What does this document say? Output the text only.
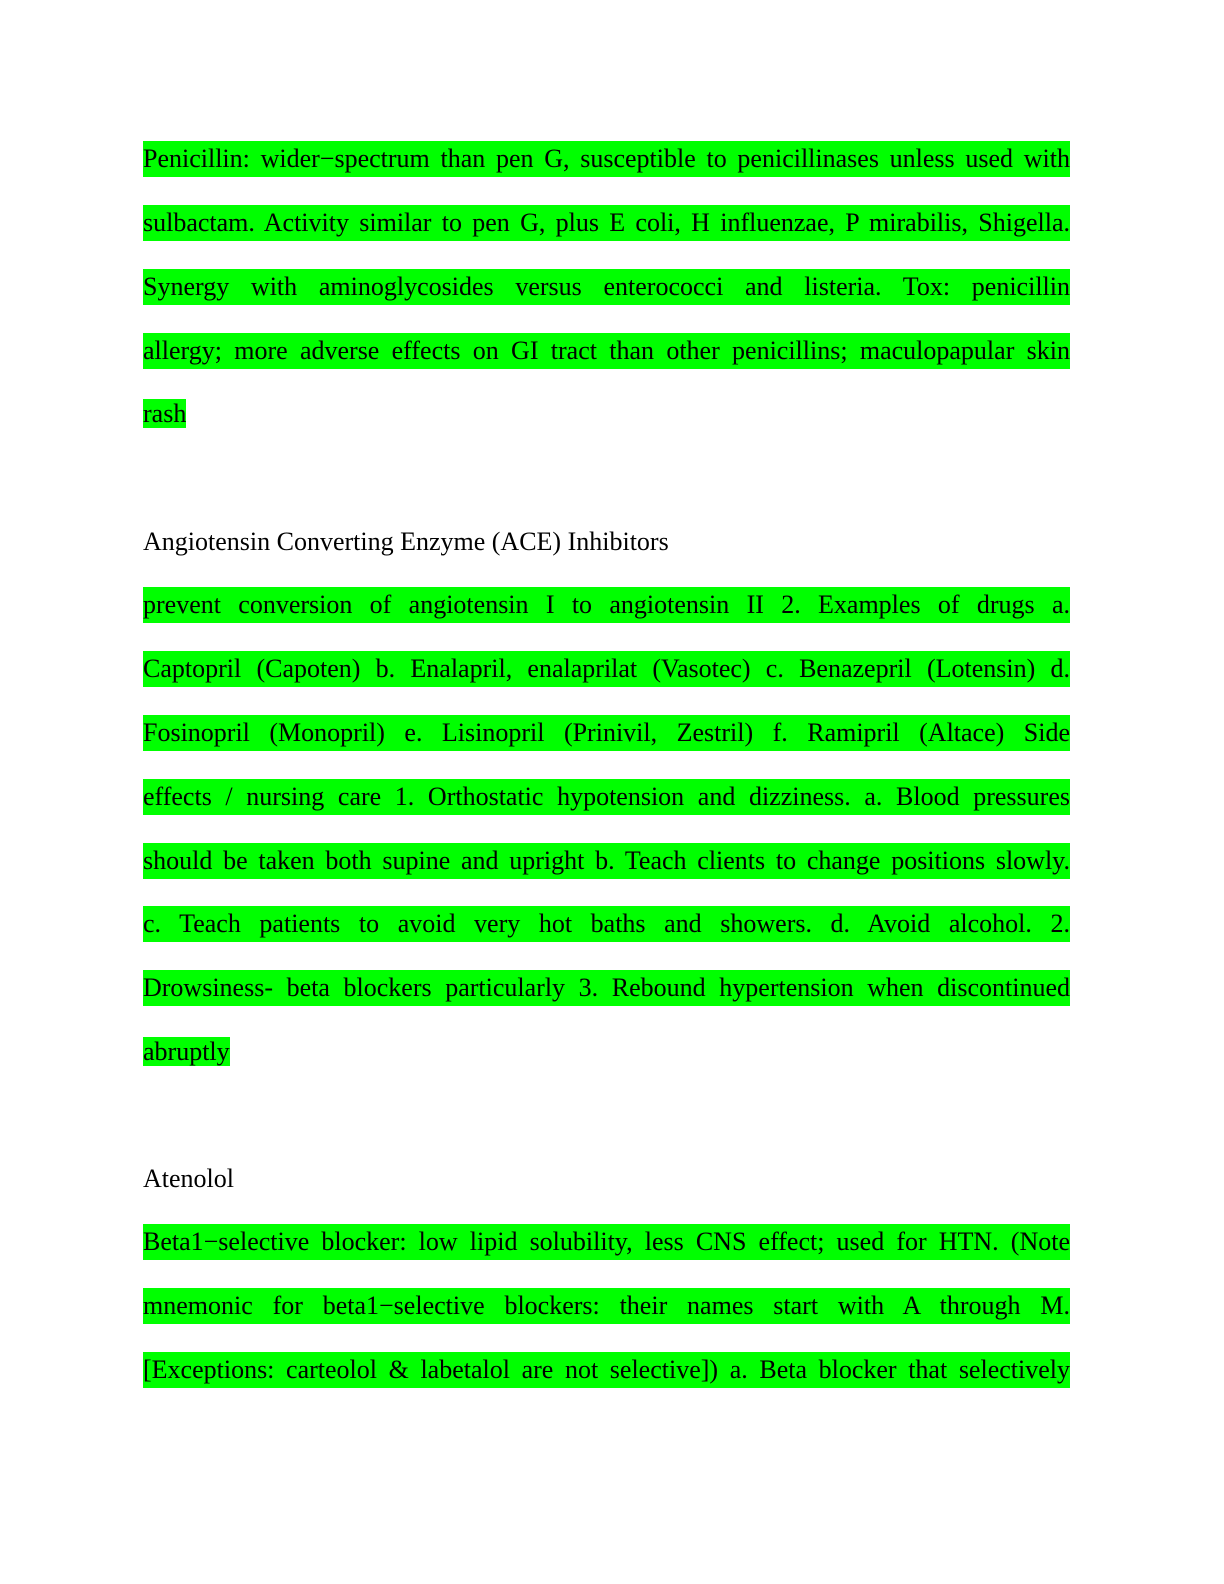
Penicillin: wider−spectrum than pen G, susceptible to penicillinases unless used with
sulbactam. Activity similar to pen G, plus E coli, H influenzae, P mirabilis, Shigella.
Synergy with aminoglycosides versus enterococci and listeria. Tox: penicillin
allergy; more adverse effects on GI tract than other penicillins; maculopapular skin
rash
Angiotensin Converting Enzyme (ACE) Inhibitors
prevent conversion of angiotensin I to angiotensin II 2. Examples of drugs a.
Captopril (Capoten) b. Enalapril, enalaprilat (Vasotec) c. Benazepril (Lotensin) d.
Fosinopril (Monopril) e. Lisinopril (Prinivil, Zestril) f. Ramipril (Altace) Side
effects / nursing care 1. Orthostatic hypotension and dizziness. a. Blood pressures
should be taken both supine and upright b. Teach clients to change positions slowly.
c. Teach patients to avoid very hot baths and showers. d. Avoid alcohol. 2.
Drowsiness- beta blockers particularly 3. Rebound hypertension when discontinued
abruptly
Atenolol
Beta1−selective blocker: low lipid solubility, less CNS effect; used for HTN. (Note
mnemonic for beta1−selective blockers: their names start with A through M.
[Exceptions: carteolol & labetalol are not selective]) a. Beta blocker that selectively
